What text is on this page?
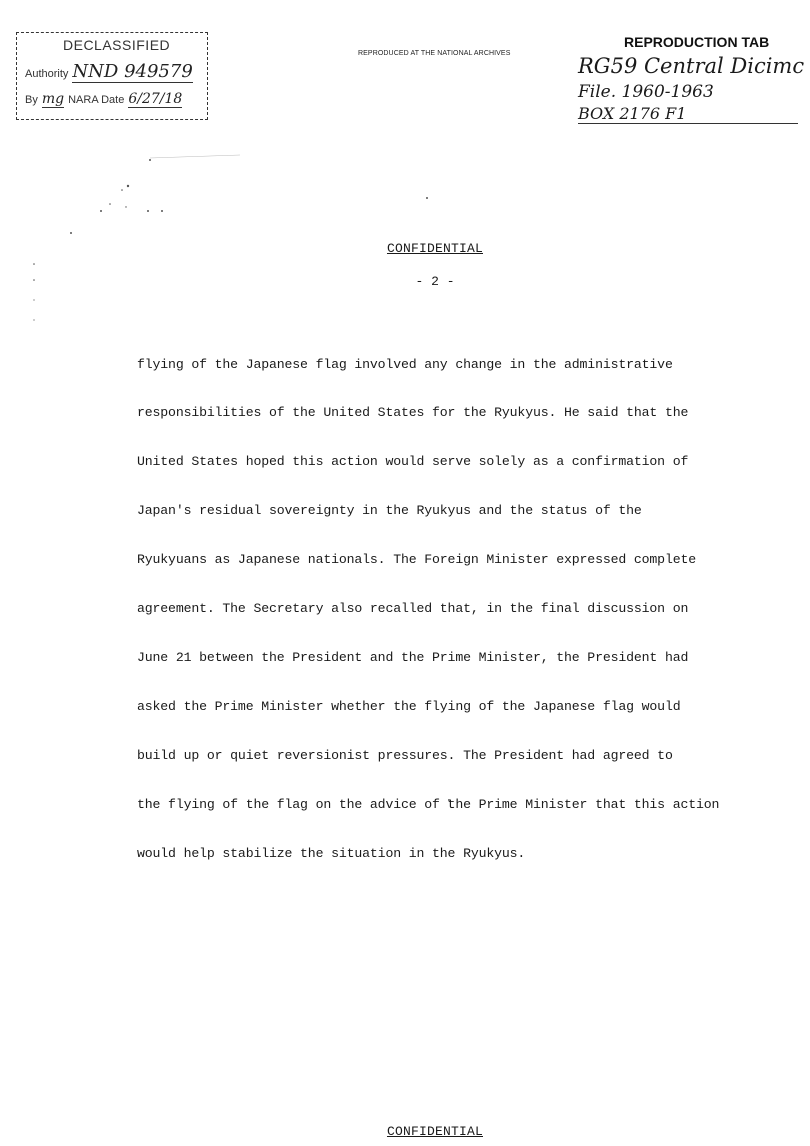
DECLASSIFIED
Authority NND 949579
By mg NARA Date 6/27/18
REPRODUCED AT THE NATIONAL ARCHIVES
REPRODUCTION TAB
RG59 Central Dicimc
File. 1960-1963
BOX 2176 F1
CONFIDENTIAL
- 2 -

flying of the Japanese flag involved any change in the administrative

responsibilities of the United States for the Ryukyus. He said that the

United States hoped this action would serve solely as a confirmation of

Japan's residual sovereignty in the Ryukyus and the status of the

Ryukyuans as Japanese nationals. The Foreign Minister expressed complete

agreement. The Secretary also recalled that, in the final discussion on

June 21 between the President and the Prime Minister, the President had

asked the Prime Minister whether the flying of the Japanese flag would

build up or quiet reversionist pressures. The President had agreed to

the flying of the flag on the advice of the Prime Minister that this action

would help stabilize the situation in the Ryukyus.

CONFIDENTIAL
